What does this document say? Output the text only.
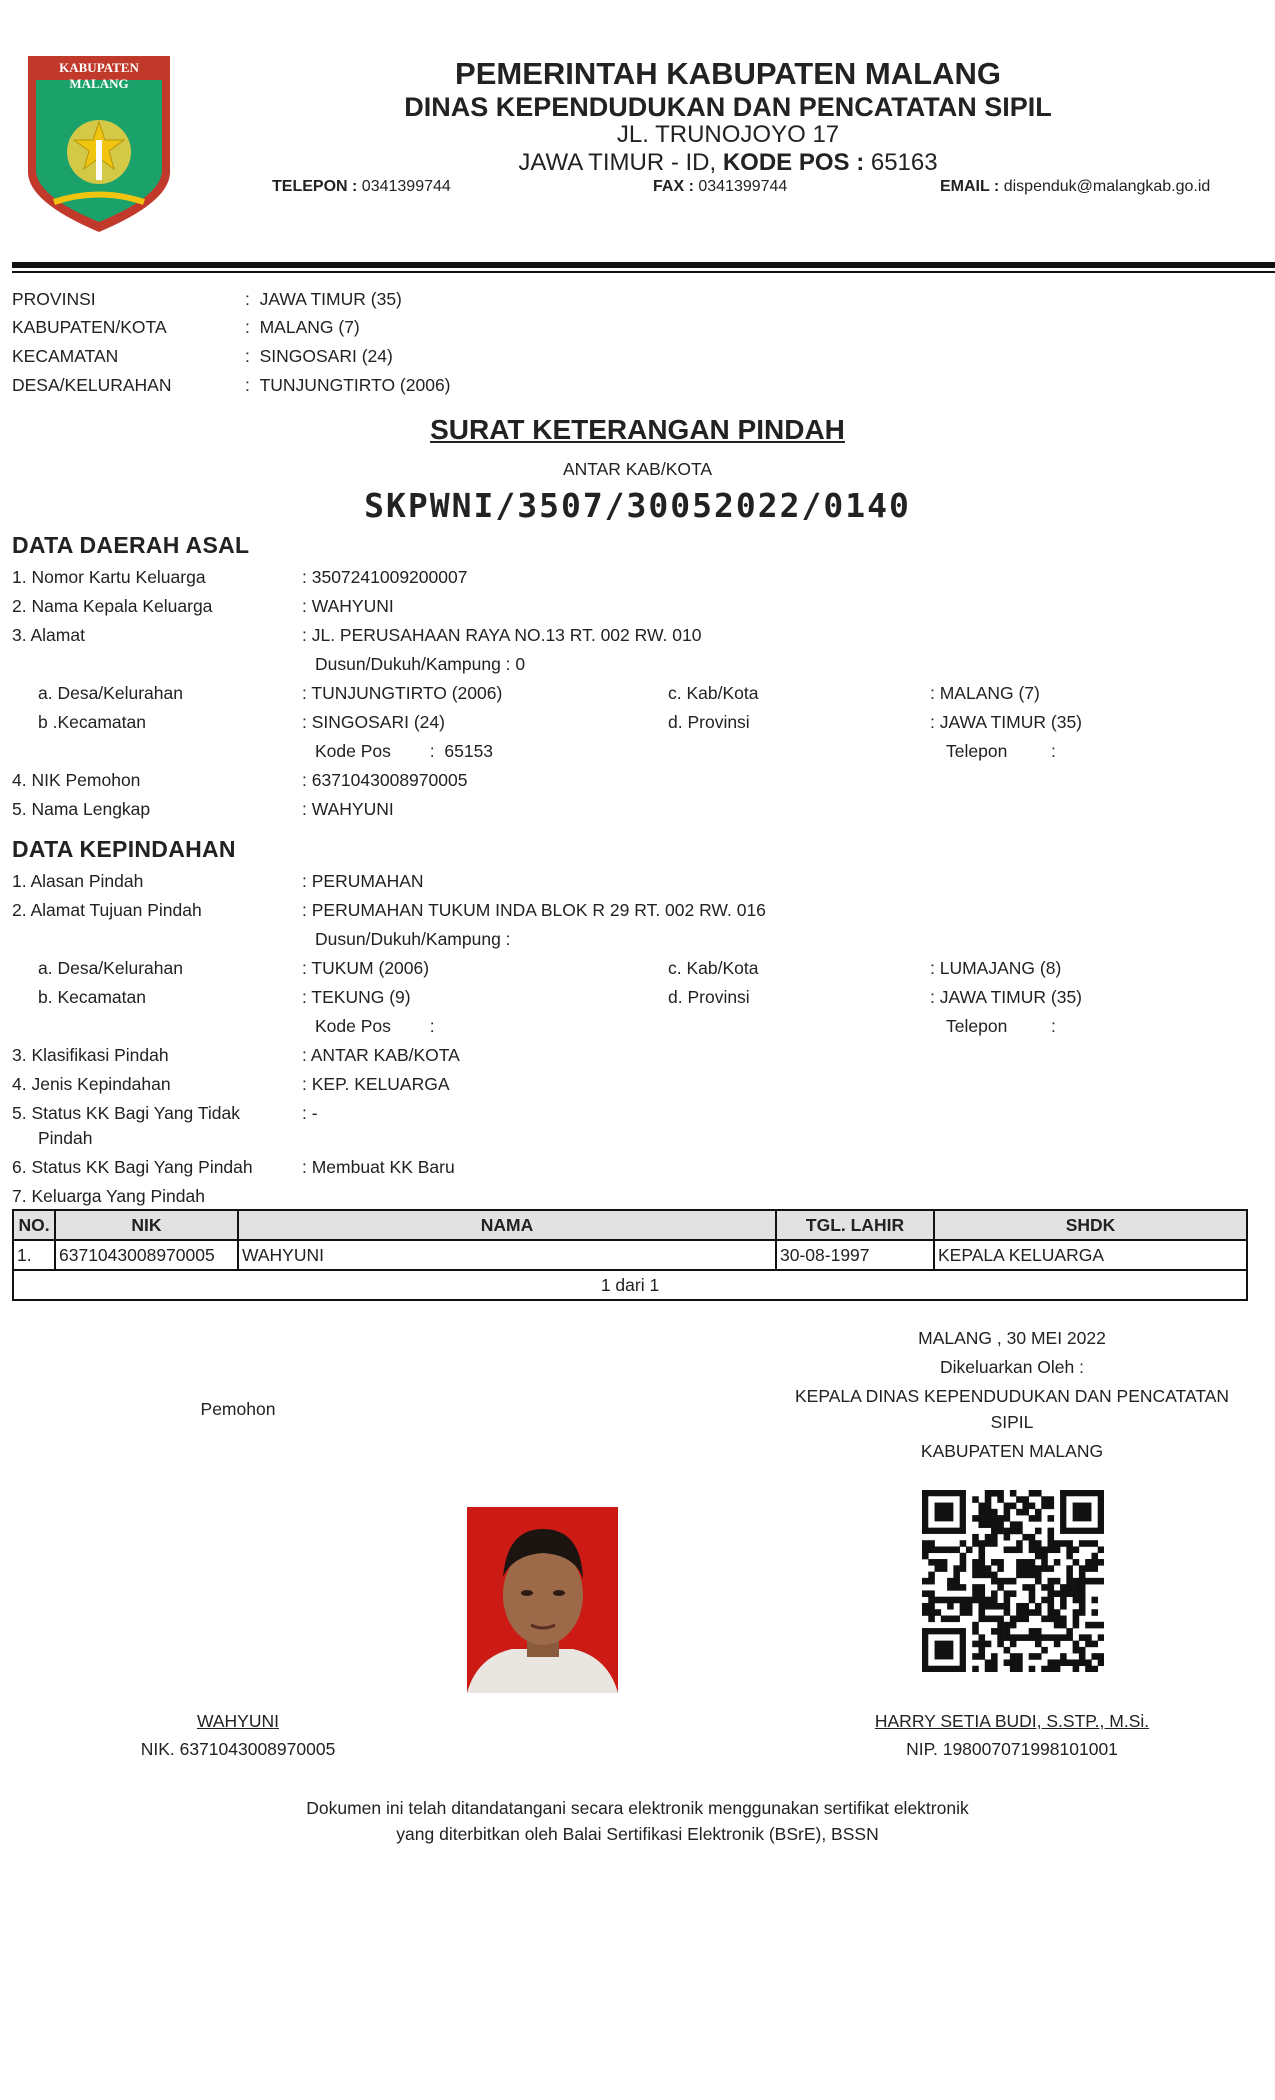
KABUPATEN MALANG	PEMERINTAH KABUPATEN MALANG
DINAS KEPENDUDUKAN DAN PENCATATAN SIPIL
JL. TRUNOJOYO 17
JAWA TIMUR - ID, KODE POS : 65163
TELEPON : 0341399744	FAX : 0341399744	EMAIL : dispenduk@malangkab.go.id
PROVINSI	:  JAWA TIMUR (35)
KABUPATEN/KOTA	:  MALANG (7)
KECAMATAN	:  SINGOSARI (24)
DESA/KELURAHAN	:  TUNJUNGTIRTO (2006)
SURAT KETERANGAN PINDAH
ANTAR KAB/KOTA
SKPWNI/3507/30052022/0140
DATA DAERAH ASAL
1. Nomor Kartu Keluarga	: 3507241009200007
2. Nama Kepala Keluarga	: WAHYUNI
3. Alamat	: JL. PERUSAHAAN RAYA NO.13 RT. 002 RW. 010
Dusun/Dukuh/Kampung : 0
a. Desa/Kelurahan	: TUNJUNGTIRTO (2006)	c. Kab/Kota	: MALANG (7)
b .Kecamatan	: SINGOSARI (24)	d. Provinsi	: JAWA TIMUR (35)
Kode Pos        :  65153	Telepon         :
4. NIK Pemohon	: 6371043008970005
5. Nama Lengkap	: WAHYUNI
DATA KEPINDAHAN
1. Alasan Pindah	: PERUMAHAN
2. Alamat Tujuan Pindah	: PERUMAHAN TUKUM INDA BLOK R 29 RT. 002 RW. 016
Dusun/Dukuh/Kampung :
a. Desa/Kelurahan	: TUKUM (2006)	c. Kab/Kota	: LUMAJANG (8)
b. Kecamatan	: TEKUNG (9)	d. Provinsi	: JAWA TIMUR (35)
Kode Pos        :	Telepon         :
3. Klasifikasi Pindah	: ANTAR KAB/KOTA
4. Jenis Kepindahan	: KEP. KELUARGA
5. Status KK Bagi Yang Tidak
Pindah
: -
6. Status KK Bagi Yang Pindah	: Membuat KK Baru
7. Keluarga Yang Pindah
NO.	NIK	NAMA	TGL. LAHIR	SHDK
1.	6371043008970005	WAHYUNI	30-08-1997	KEPALA KELUARGA
1 dari 1				
MALANG , 30 MEI 2022
Dikeluarkan Oleh :
KEPALA DINAS KEPENDUDUKAN DAN PENCATATAN
SIPIL
KABUPATEN MALANG
Pemohon
WAHYUNI
NIK. 6371043008970005
HARRY SETIA BUDI, S.STP., M.Si.
NIP. 198007071998101001
Dokumen ini telah ditandatangani secara elektronik menggunakan sertifikat elektronik
yang diterbitkan oleh Balai Sertifikasi Elektronik (BSrE), BSSN
